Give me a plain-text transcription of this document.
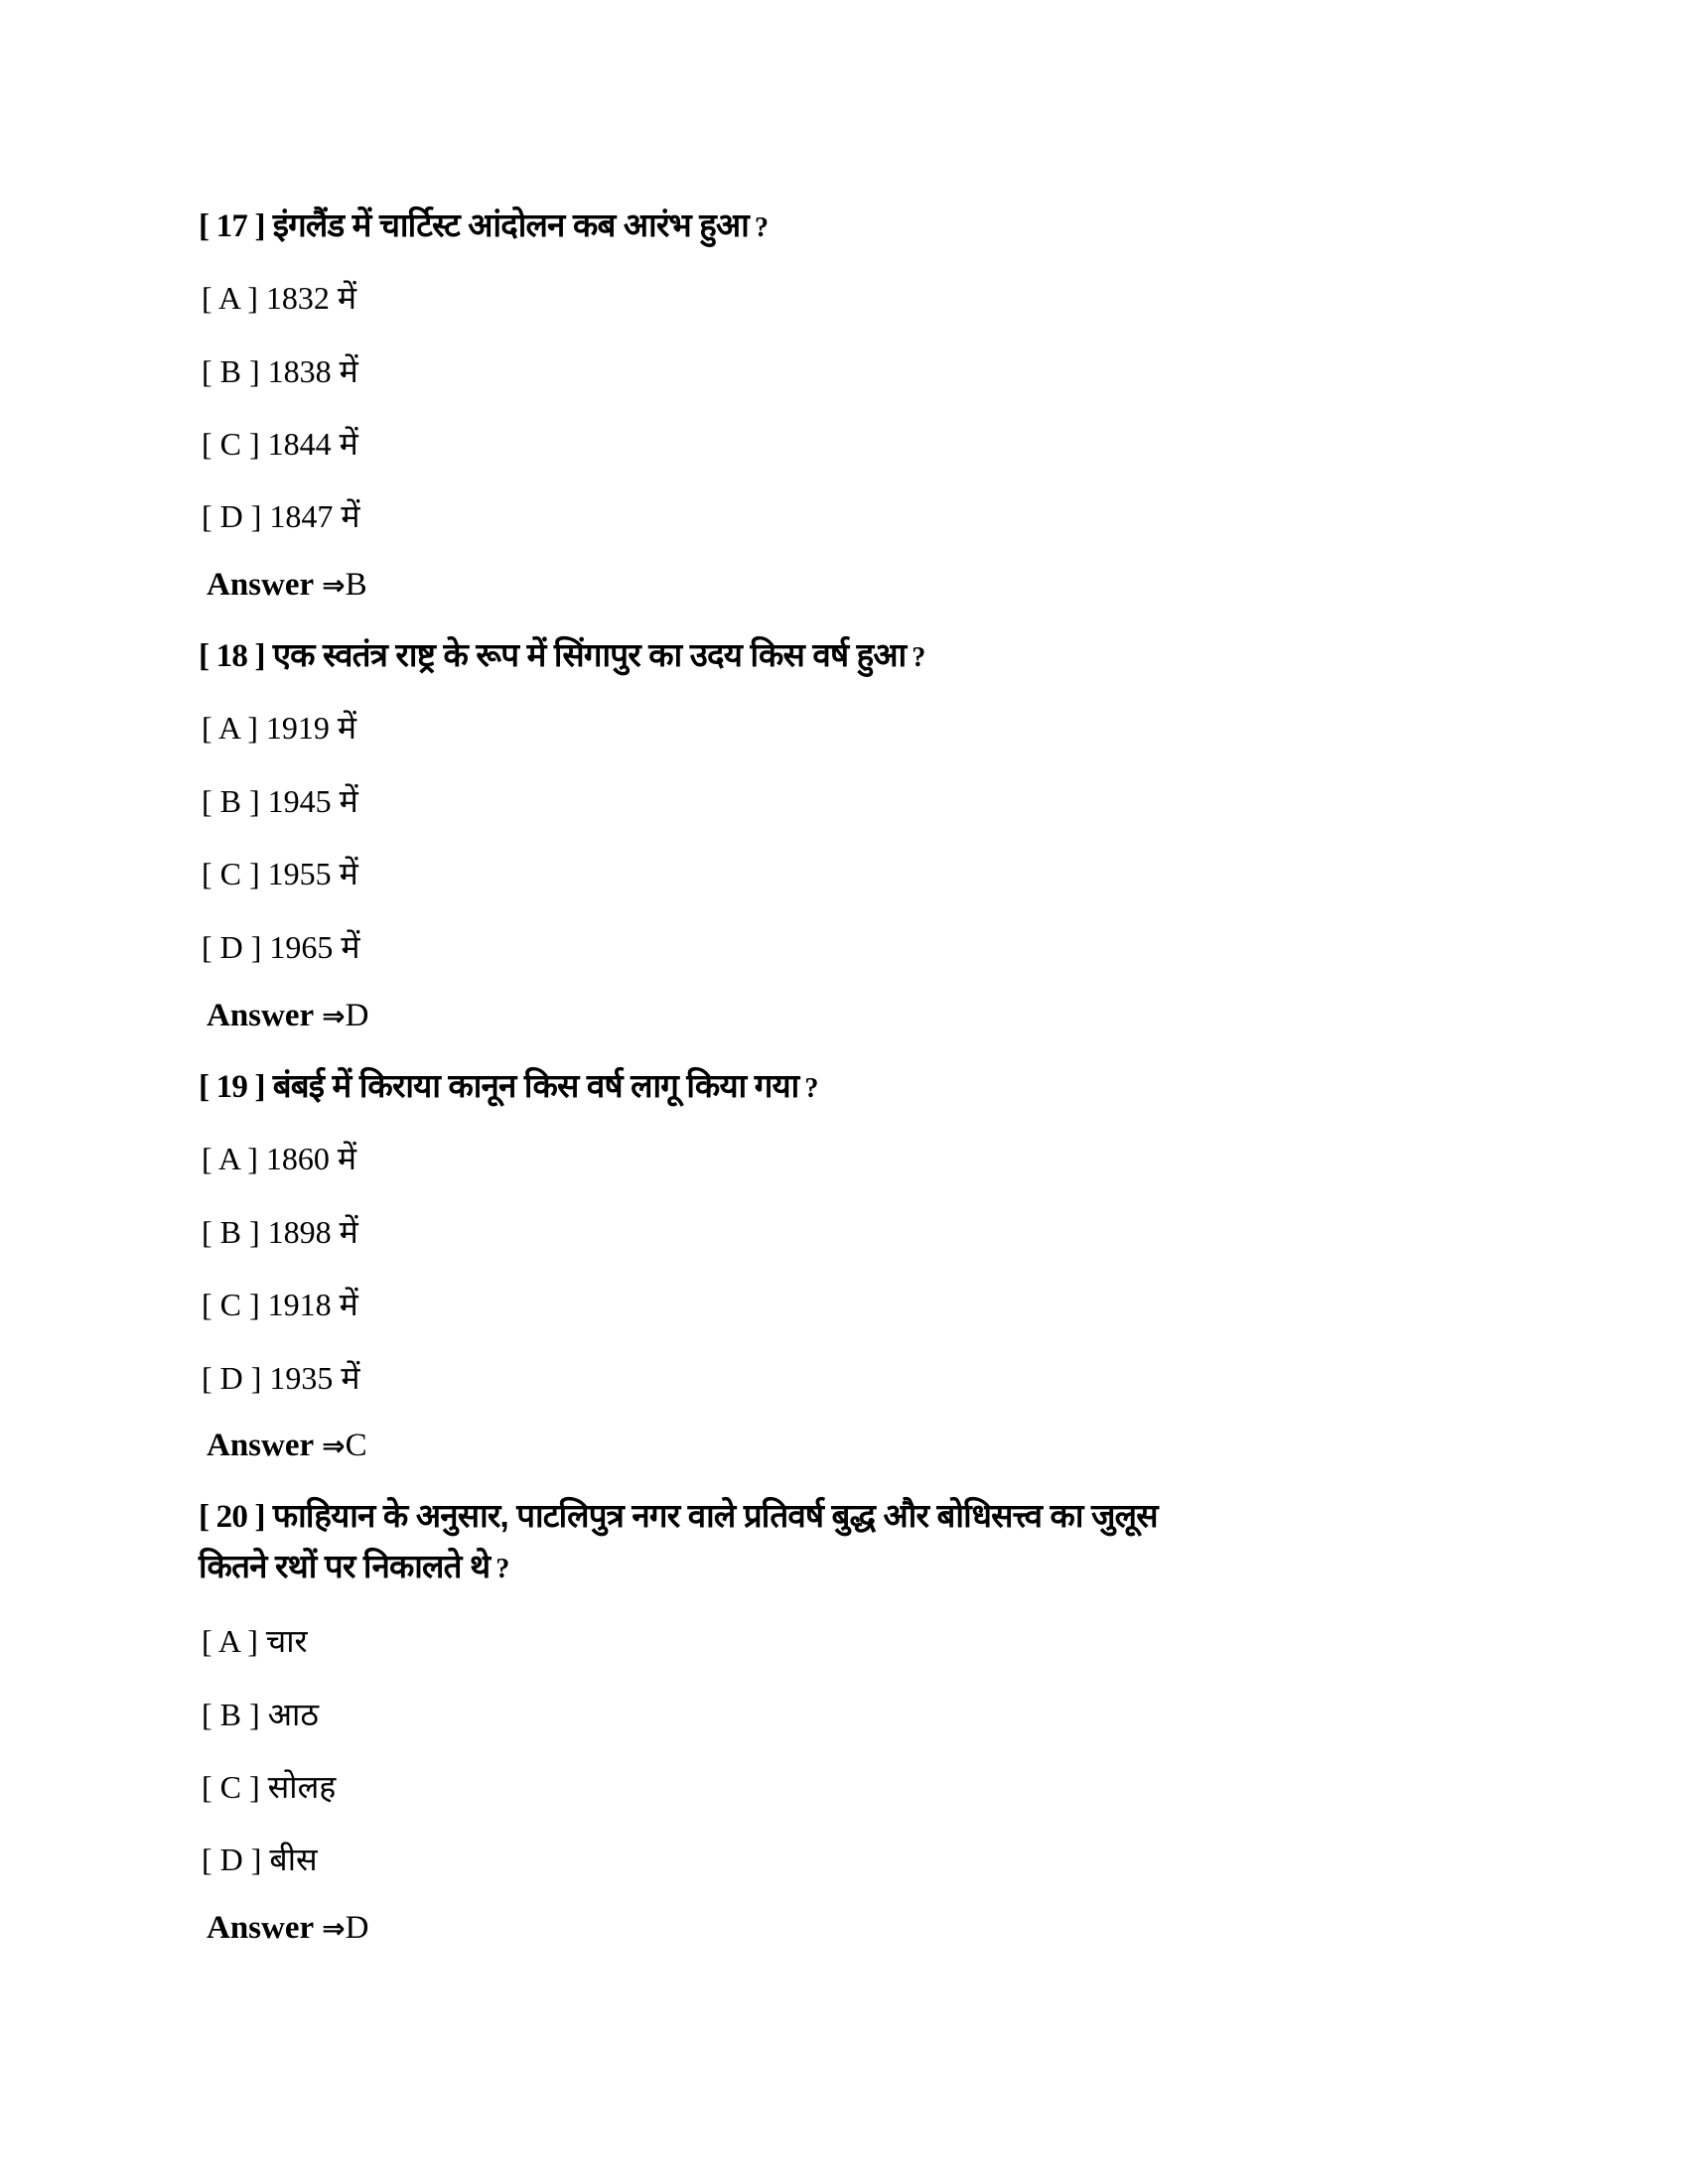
[ 17 ] इंगलैंड में चार्टिस्ट आंदोलन कब आरंभ हुआ ?
[ A ] 1832 में
[ B ] 1838 में
[ C ] 1844 में
[ D ] 1847 में
Answer ⇒B
[ 18 ] एक स्वतंत्र राष्ट्र के रूप में सिंगापुर का उदय किस वर्ष हुआ ?
[ A ] 1919 में
[ B ] 1945 में
[ C ] 1955 में
[ D ] 1965 में
Answer ⇒D
[ 19 ] बंबई में किराया कानून किस वर्ष लागू किया गया ?
[ A ] 1860 में
[ B ] 1898 में
[ C ] 1918 में
[ D ] 1935 में
Answer ⇒C
[ 20 ] फाहियान के अनुसार, पाटलिपुत्र नगर वाले प्रतिवर्ष बुद्ध और बोधिसत्त्व का जुलूस
कितने रथों पर निकालते थे ?
[ A ] चार
[ B ] आठ
[ C ] सोलह
[ D ] बीस
Answer ⇒D
